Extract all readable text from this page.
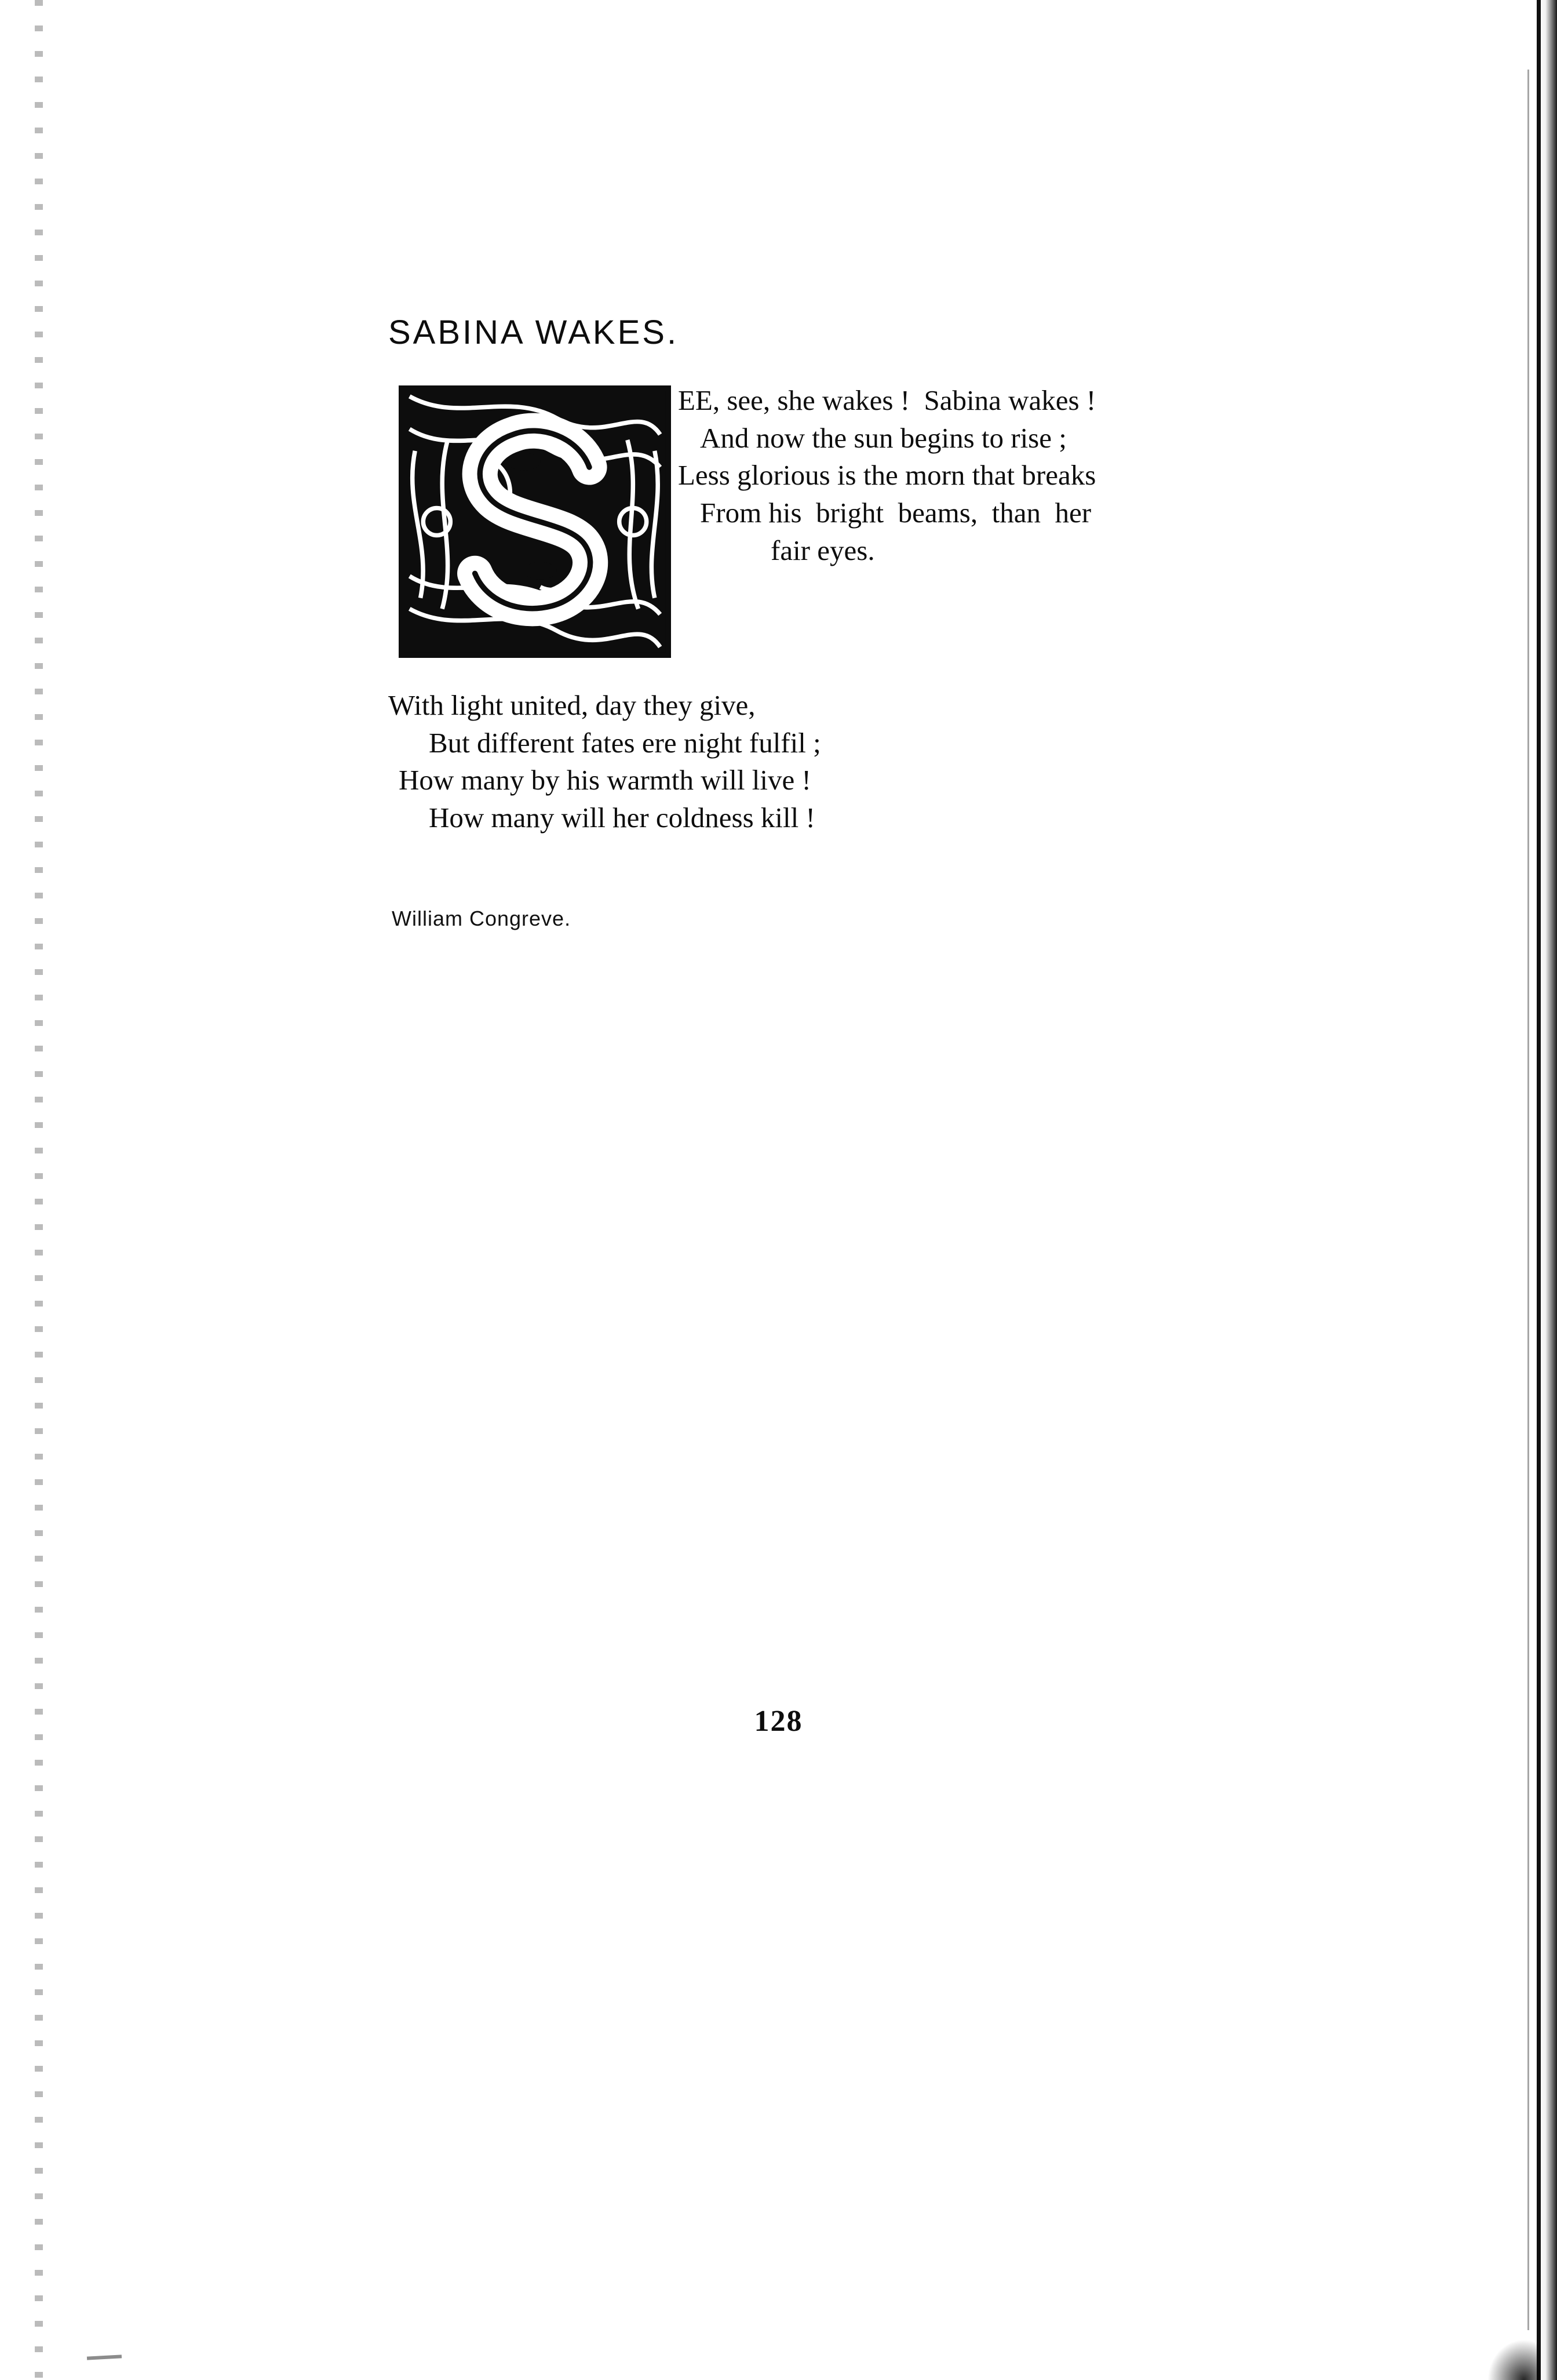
SABINA WAKES.
EE, see, she wakes !  Sabina wakes !
And now the sun begins to rise ;
Less glorious is the morn that breaks
From his  bright  beams,  than  her
fair eyes.
With light united, day they give,
But different fates ere night fulfil ;
How many by his warmth will live !
How many will her coldness kill !
William Congreve.
128
